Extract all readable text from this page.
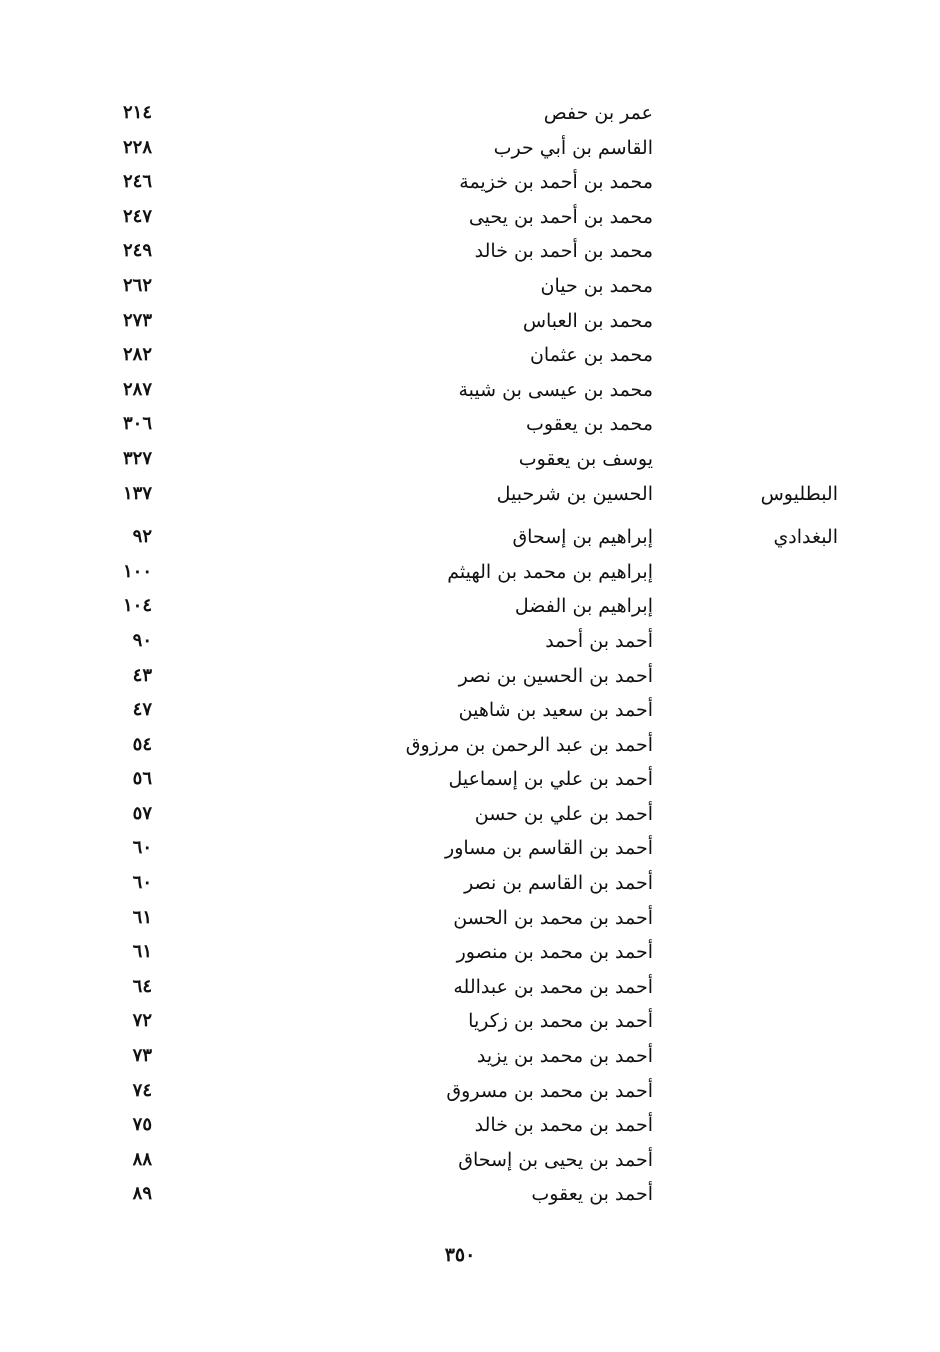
عمر بن حفص
٢١٤
القاسم بن أبي حرب
٢٢٨
محمد بن أحمد بن خزيمة
٢٤٦
محمد بن أحمد بن يحيى
٢٤٧
محمد بن أحمد بن خالد
٢٤٩
محمد بن حيان
٢٦٢
محمد بن العباس
٢٧٣
محمد بن عثمان
٢٨٢
محمد بن عيسى بن شيبة
٢٨٧
محمد بن يعقوب
٣٠٦
يوسف بن يعقوب
٣٢٧
البطليوس
الحسين بن شرحبيل
١٣٧
البغدادي
إبراهيم بن إسحاق
٩٢
إبراهيم بن محمد بن الهيثم
١٠٠
إبراهيم بن الفضل
١٠٤
أحمد بن أحمد
٩٠
أحمد بن الحسين بن نصر
٤٣
أحمد بن سعيد بن شاهين
٤٧
أحمد بن عبد الرحمن بن مرزوق
٥٤
أحمد بن علي بن إسماعيل
٥٦
أحمد بن علي بن حسن
٥٧
أحمد بن القاسم بن مساور
٦٠
أحمد بن القاسم بن نصر
٦٠
أحمد بن محمد بن الحسن
٦١
أحمد بن محمد بن منصور
٦١
أحمد بن محمد بن عبدالله
٦٤
أحمد بن محمد بن زكريا
٧٢
أحمد بن محمد بن يزيد
٧٣
أحمد بن محمد بن مسروق
٧٤
أحمد بن محمد بن خالد
٧٥
أحمد بن يحيى بن إسحاق
٨٨
أحمد بن يعقوب
٨٩
٣٥٠
